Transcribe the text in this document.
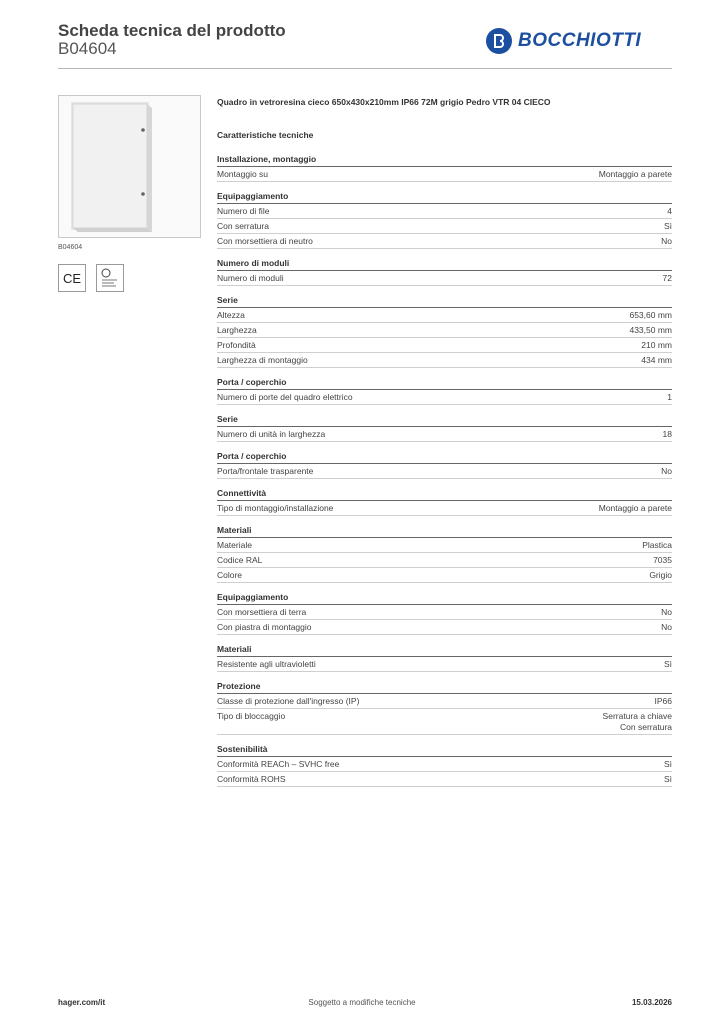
Scheda tecnica del prodotto
B04604	BOCCHIOTTI
B04604
CE
Quadro in vetroresina cieco 650x430x210mm IP66 72M grigio Pedro VTR 04 CIECO
Caratteristiche tecniche
Installazione, montaggio
Montaggio su	Montaggio a parete
Equipaggiamento
Numero di file	4
Con serratura	Sì
Con morsettiera di neutro	No
Numero di moduli
Numero di moduli	72
Serie
Altezza	653,60 mm
Larghezza	433,50 mm
Profondità	210 mm
Larghezza di montaggio	434 mm
Porta / coperchio
Numero di porte del quadro elettrico	1
Serie
Numero di unità in larghezza	18
Porta / coperchio
Porta/frontale trasparente	No
Connettività
Tipo di montaggio/installazione	Montaggio a parete
Materiali
Materiale	Plastica
Codice RAL	7035
Colore	Grigio
Equipaggiamento
Con morsettiera di terra	No
Con piastra di montaggio	No
Materiali
Resistente agli ultravioletti	Sì
Protezione
Classe di protezione dall'ingresso (IP)	IP66
Tipo di bloccaggio	Serratura a chiave
Con serratura
Sostenibilità
Conformità REACh – SVHC free	Sì
Conformità ROHS	Sì
hager.com/it	Soggetto a modifiche tecniche	15.03.2026
